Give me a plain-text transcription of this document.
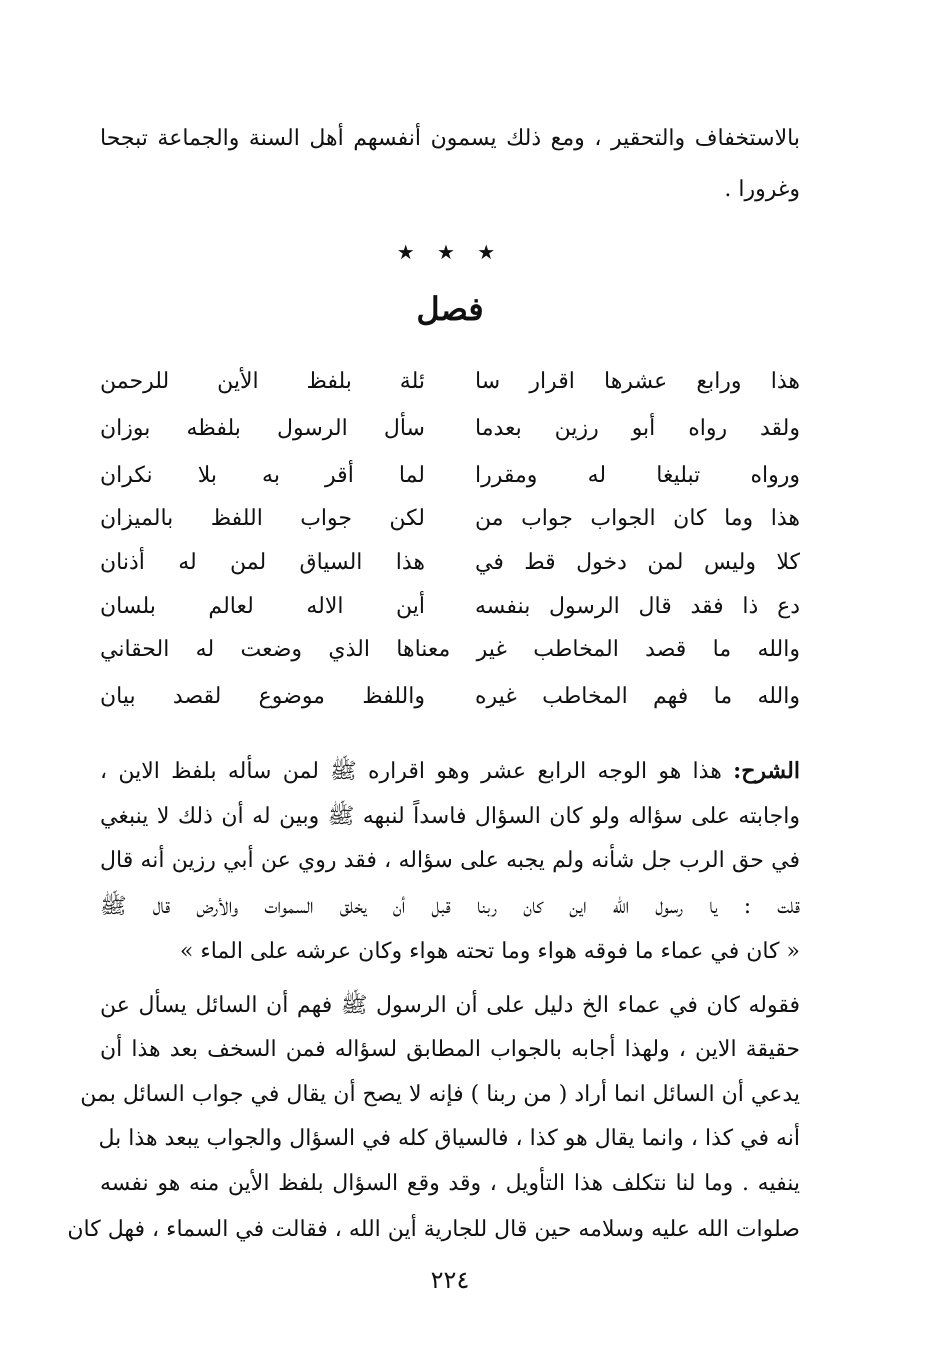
بالاستخفاف والتحقير ، ومع ذلك يسمون أنفسهم أهل السنة والجماعة تبجحا
وغرورا .
★ ★ ★
فصل
هذا ورابع عشرها اقرار سا
ئلة بلفظ الأين للرحمن
ولقد رواه أبو رزين بعدما
سأل الرسول بلفظه بوزان
ورواه تبليغا له ومقررا
لما أقر به بلا نكران
هذا وما كان الجواب جواب من
لكن جواب اللفظ بالميزان
كلا وليس لمن دخول قط في
هذا السياق لمن له أذنان
دع ذا فقد قال الرسول بنفسه
أين الاله لعالم بلسان
والله ما قصد المخاطب غير معناها الذي وضعت له الحقاني
والله ما فهم المخاطب غيره
واللفظ موضوع لقصد بيان
الشرح: هذا هو الوجه الرابع عشر وهو اقراره ﷺ لمن سأله بلفظ الاين ،
واجابته على سؤاله ولو كان السؤال فاسداً لنبهه ﷺ وبين له أن ذلك لا ينبغي
في حق الرب جل شأنه ولم يجبه على سؤاله ، فقد روي عن أبي رزين أنه قال
قلت : يا رسول الله اين كان ربنا قبل أن يخلق السموات والأرض قال ﷺ
« كان في عماء ما فوقه هواء وما تحته هواء وكان عرشه على الماء »
فقوله كان في عماء الخ دليل على أن الرسول ﷺ فهم أن السائل يسأل عن
حقيقة الاين ، ولهذا أجابه بالجواب المطابق لسؤاله فمن السخف بعد هذا أن
يدعي أن السائل انما أراد ( من ربنا ) فإنه لا يصح أن يقال في جواب السائل بمن
أنه في كذا ، وانما يقال هو كذا ، فالسياق كله في السؤال والجواب يبعد هذا بل
ينفيه . وما لنا نتكلف هذا التأويل ، وقد وقع السؤال بلفظ الأين منه هو نفسه
صلوات الله عليه وسلامه حين قال للجارية أين الله ، فقالت في السماء ، فهل كان
٢٢٤
